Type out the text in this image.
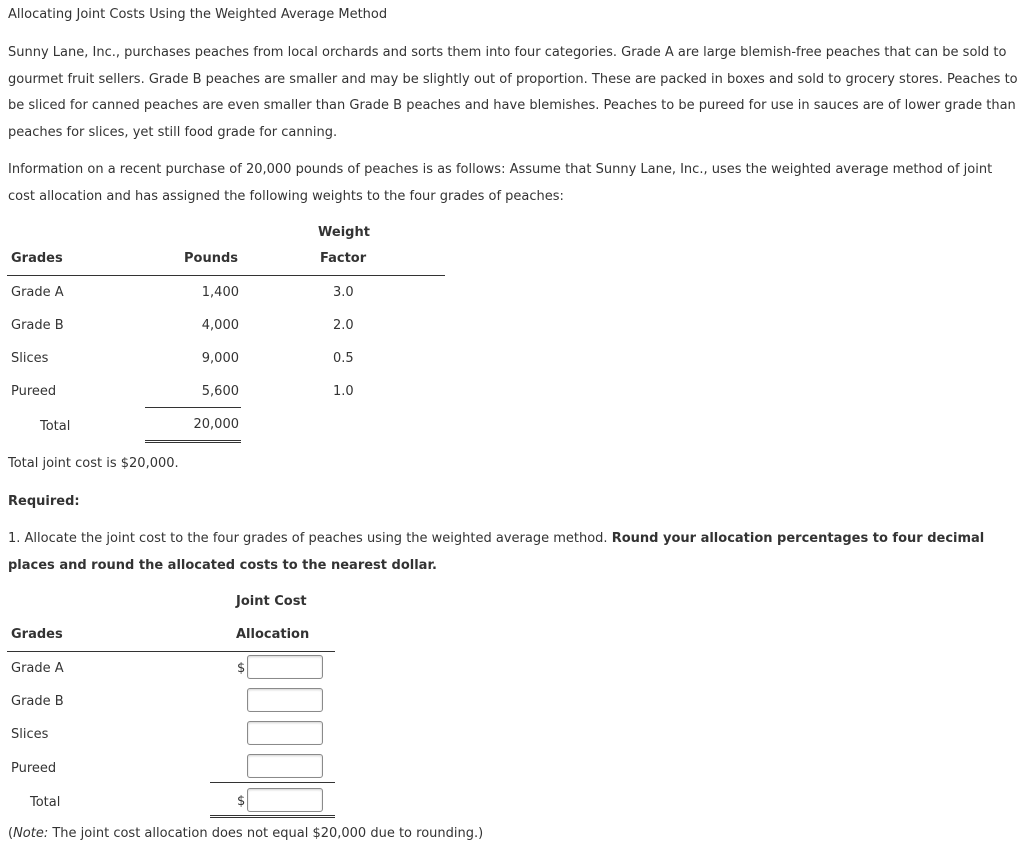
Allocating Joint Costs Using the Weighted Average Method
Sunny Lane, Inc., purchases peaches from local orchards and sorts them into four categories. Grade A are large blemish-free peaches that can be sold to gourmet fruit sellers. Grade B peaches are smaller and may be slightly out of proportion. These are packed in boxes and sold to grocery stores. Peaches to be sliced for canned peaches are even smaller than Grade B peaches and have blemishes. Peaches to be pureed for use in sauces are of lower grade than peaches for slices, yet still food grade for canning.
Information on a recent purchase of 20,000 pounds of peaches is as follows: Assume that Sunny Lane, Inc., uses the weighted average method of joint cost allocation and has assigned the following weights to the four grades of peaches:
Weight
Grades	Pounds	Factor
Grade A	1,400	3.0
Grade B	4,000	2.0
Slices	9,000	0.5
Pureed	5,600	1.0
Total	20,000
Total joint cost is $20,000.
Required:
1. Allocate the joint cost to the four grades of peaches using the weighted average method. Round your allocation percentages to four decimal places and round the allocated costs to the nearest dollar.
Joint Cost
Grades	Allocation
Grade A	$
Grade B
Slices
Pureed
Total	$
(Note: The joint cost allocation does not equal $20,000 due to rounding.)
